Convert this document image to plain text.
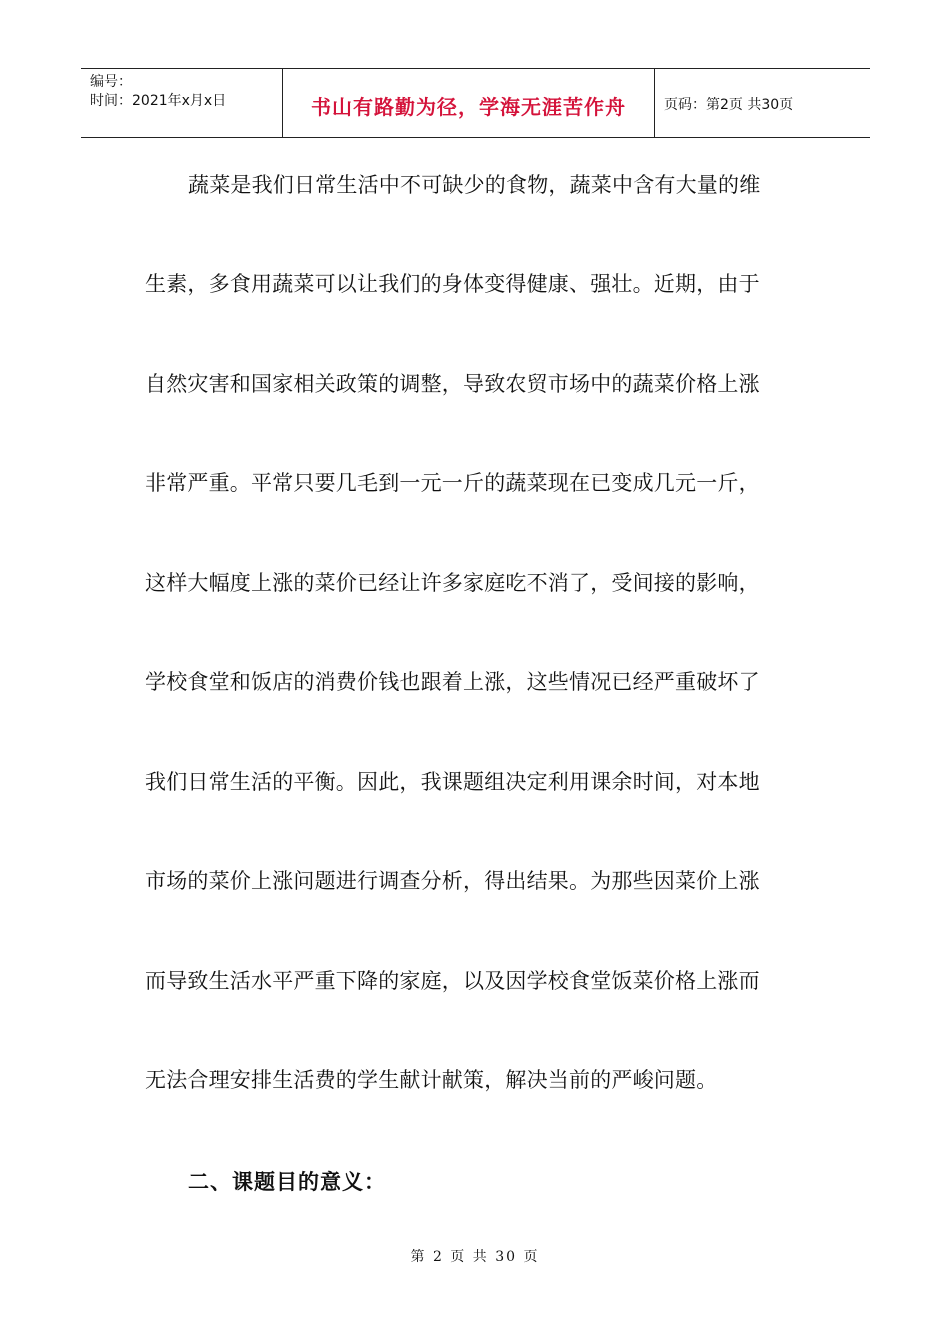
编号：
时间：2021年x月x日	书山有路勤为径，学海无涯苦作舟	页码：第2页 共30页
蔬菜是我们日常生活中不可缺少的食物，蔬菜中含有大量的维
生素，多食用蔬菜可以让我们的身体变得健康、强壮。近期，由于
自然灾害和国家相关政策的调整，导致农贸市场中的蔬菜价格上涨
非常严重。平常只要几毛到一元一斤的蔬菜现在已变成几元一斤，
这样大幅度上涨的菜价已经让许多家庭吃不消了，受间接的影响，
学校食堂和饭店的消费价钱也跟着上涨，这些情况已经严重破坏了
我们日常生活的平衡。因此，我课题组决定利用课余时间，对本地
市场的菜价上涨问题进行调查分析，得出结果。为那些因菜价上涨
而导致生活水平严重下降的家庭，以及因学校食堂饭菜价格上涨而
无法合理安排生活费的学生献计献策，解决当前的严峻问题。
二、课题目的意义：
第 2 页 共 30 页
